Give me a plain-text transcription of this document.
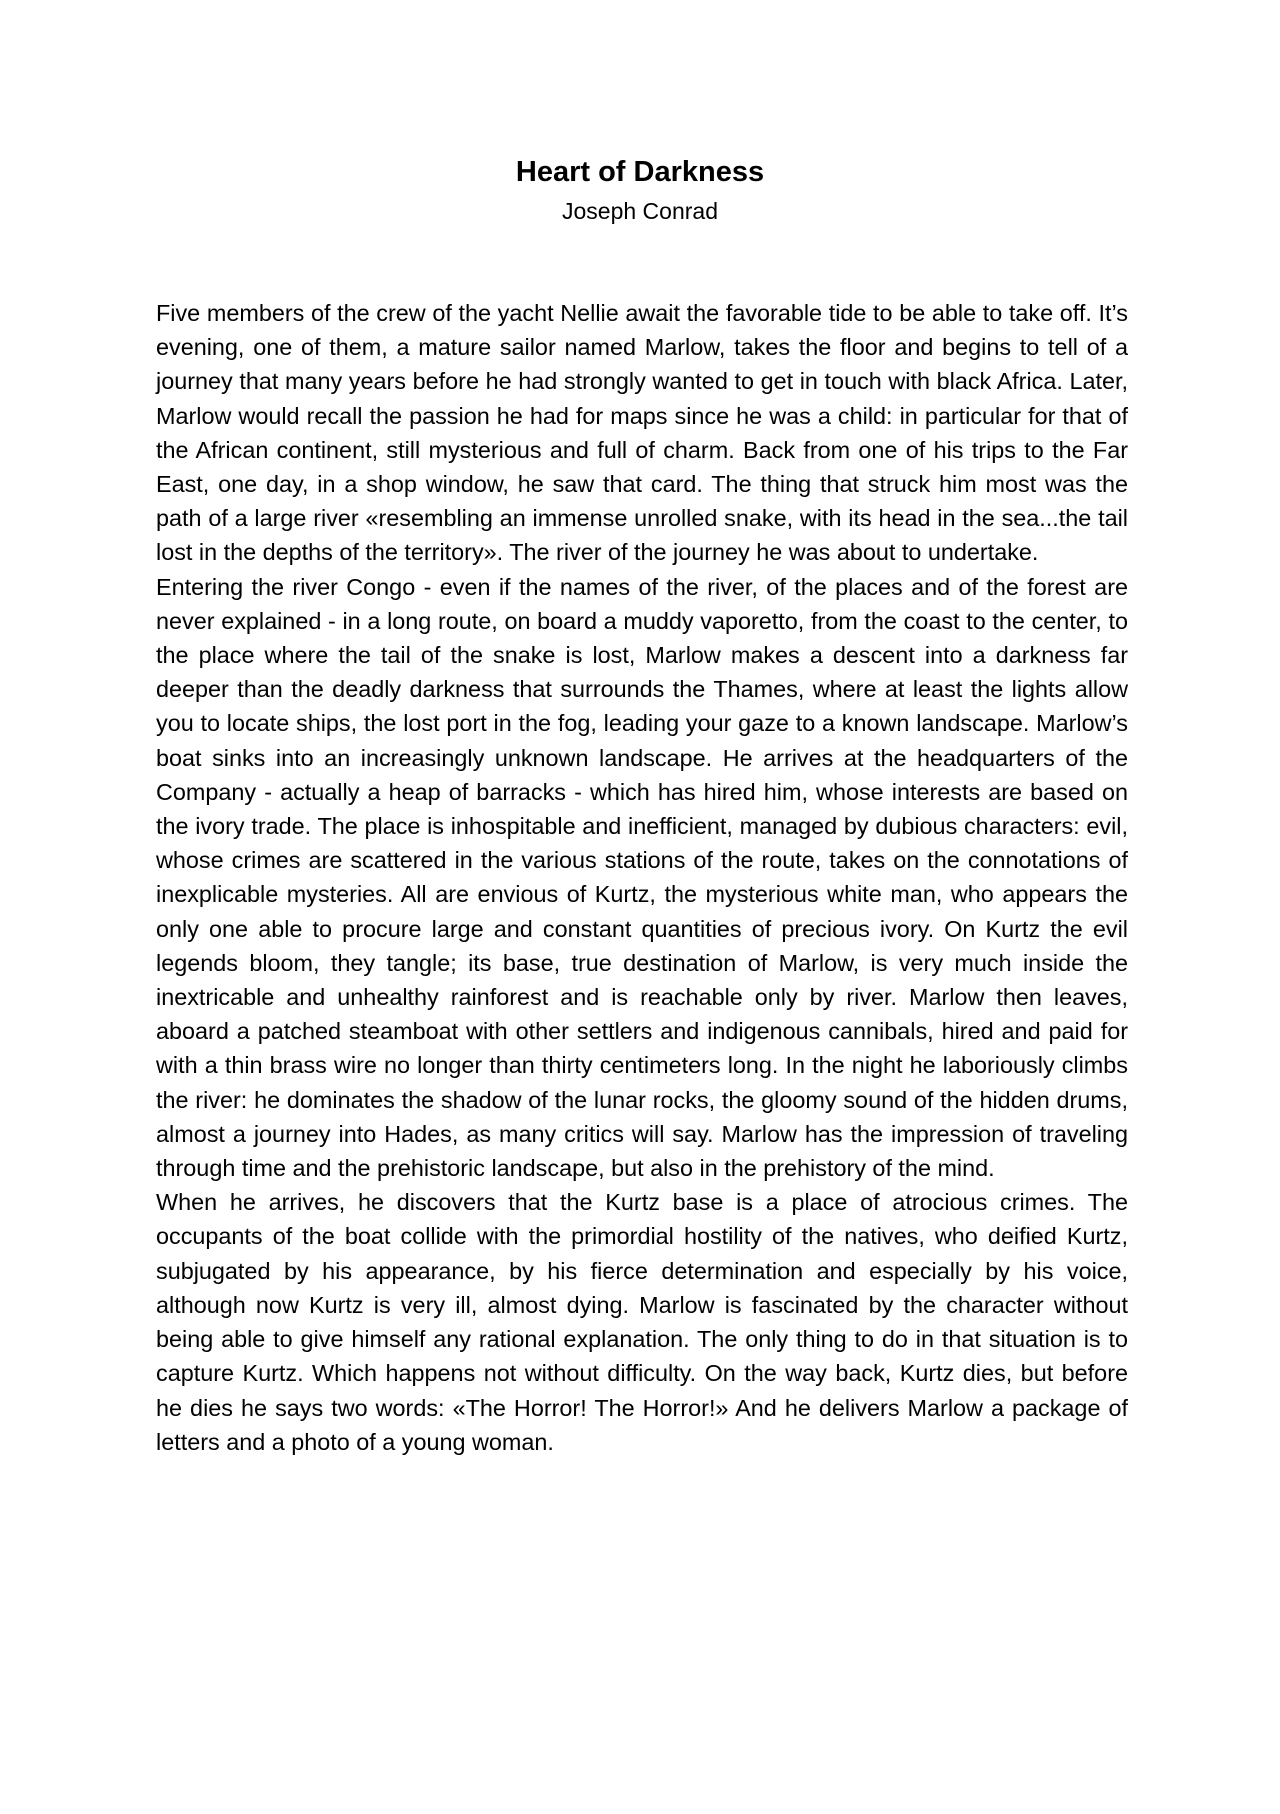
Heart of Darkness
Joseph Conrad

Five members of the crew of the yacht Nellie await the favorable tide to be able to take off. It’s evening, one of them, a mature sailor named Marlow, takes the floor and begins to tell of a journey that many years before he had strongly wanted to get in touch with black Africa. Later, Marlow would recall the passion he had for maps since he was a child: in particular for that of the African continent, still mysterious and full of charm. Back from one of his trips to the Far East, one day, in a shop window, he saw that card. The thing that struck him most was the path of a large river «resembling an immense unrolled snake, with its head in the sea...the tail lost in the depths of the territory». The river of the journey he was about to undertake.

Entering the river Congo - even if the names of the river, of the places and of the forest are never explained - in a long route, on board a muddy vaporetto, from the coast to the center, to the place where the tail of the snake is lost, Marlow makes a descent into a darkness far deeper than the deadly darkness that surrounds the Thames, where at least the lights allow you to locate ships, the lost port in the fog, leading your gaze to a known landscape. Marlow’s boat sinks into an increasingly unknown landscape. He arrives at the headquarters of the Company - actually a heap of barracks - which has hired him, whose interests are based on the ivory trade. The place is inhospitable and inefficient, managed by dubious characters: evil, whose crimes are scattered in the various stations of the route, takes on the connotations of inexplicable mysteries. All are envious of Kurtz, the mysterious white man, who appears the only one able to procure large and constant quantities of precious ivory. On Kurtz the evil legends bloom, they tangle; its base, true destination of Marlow, is very much inside the inextricable and unhealthy rainforest and is reachable only by river. Marlow then leaves, aboard a patched steamboat with other settlers and indigenous cannibals, hired and paid for with a thin brass wire no longer than thirty centimeters long. In the night he laboriously climbs the river: he dominates the shadow of the lunar rocks, the gloomy sound of the hidden drums, almost a journey into Hades, as many critics will say. Marlow has the impression of traveling through time and the prehistoric landscape, but also in the prehistory of the mind.

When he arrives, he discovers that the Kurtz base is a place of atrocious crimes. The occupants of the boat collide with the primordial hostility of the natives, who deified Kurtz, subjugated by his appearance, by his fierce determination and especially by his voice, although now Kurtz is very ill, almost dying. Marlow is fascinated by the character without being able to give himself any rational explanation. The only thing to do in that situation is to capture Kurtz. Which happens not without difficulty. On the way back, Kurtz dies, but before he dies he says two words: «The Horror! The Horror!» And he delivers Marlow a package of letters and a photo of a young woman.
